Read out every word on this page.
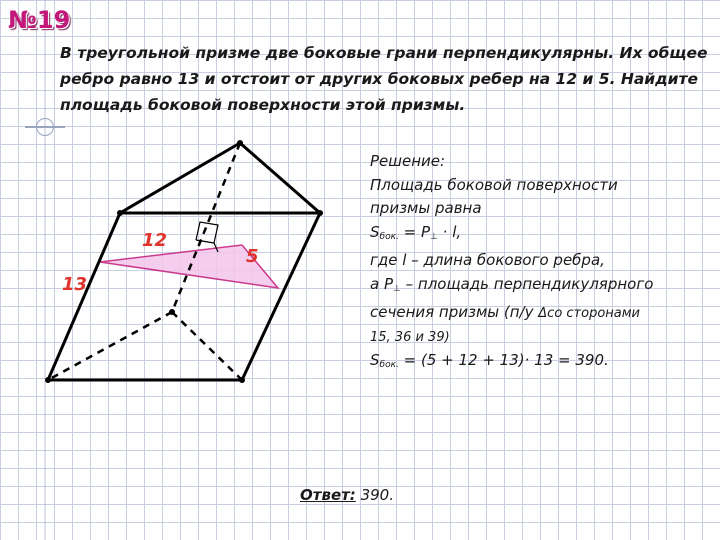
№19
В треугольной призме две боковые грани перпендикулярны. Их общее ребро равно 13 и отстоит от других боковых ребер на 12 и 5. Найдите площадь боковой поверхности этой призмы.
12
5
13
Решение:
Площадь боковой поверхности
призмы равна
$S_{бок.} = P_\perp \cdot l$,
где l – длина бокового ребра,
а $P_\perp$ – площадь перпендикулярного
сечения призмы (п/у Δсо сторонами
15, 36 и 39)
$S_{бок.} = (5 + 12 + 13)\cdot 13 = 390$.
Ответ: 390.
